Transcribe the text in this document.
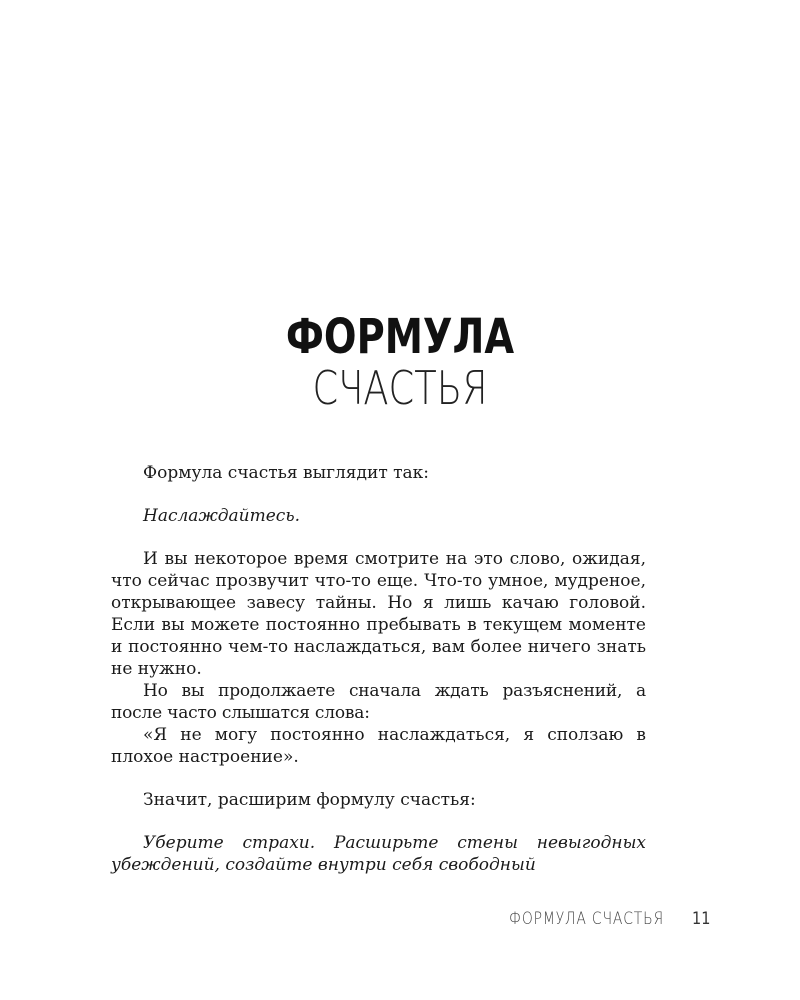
ФОРМУЛА
СЧАСТЬЯ

Формула счастья выглядит так:

Наслаждайтесь.

И вы некоторое время смотрите на это слово, ожидая, что сейчас прозвучит что-то еще. Что-то умное, мудреное, открывающее завесу тайны. Но я лишь качаю головой. Если вы можете постоянно пребывать в текущем моменте и постоянно чем-то наслаждаться, вам более ничего знать не нужно.

Но вы продолжаете сначала ждать разъяснений, а после часто слышатся слова:

«Я не могу постоянно наслаждаться, я сползаю в плохое настроение».

Значит, расширим формулу счастья:

Уберите страхи. Расширьте стены невыгодных убеждений, создайте внутри себя свободный

ФОРМУЛА СЧАСТЬЯ 11
